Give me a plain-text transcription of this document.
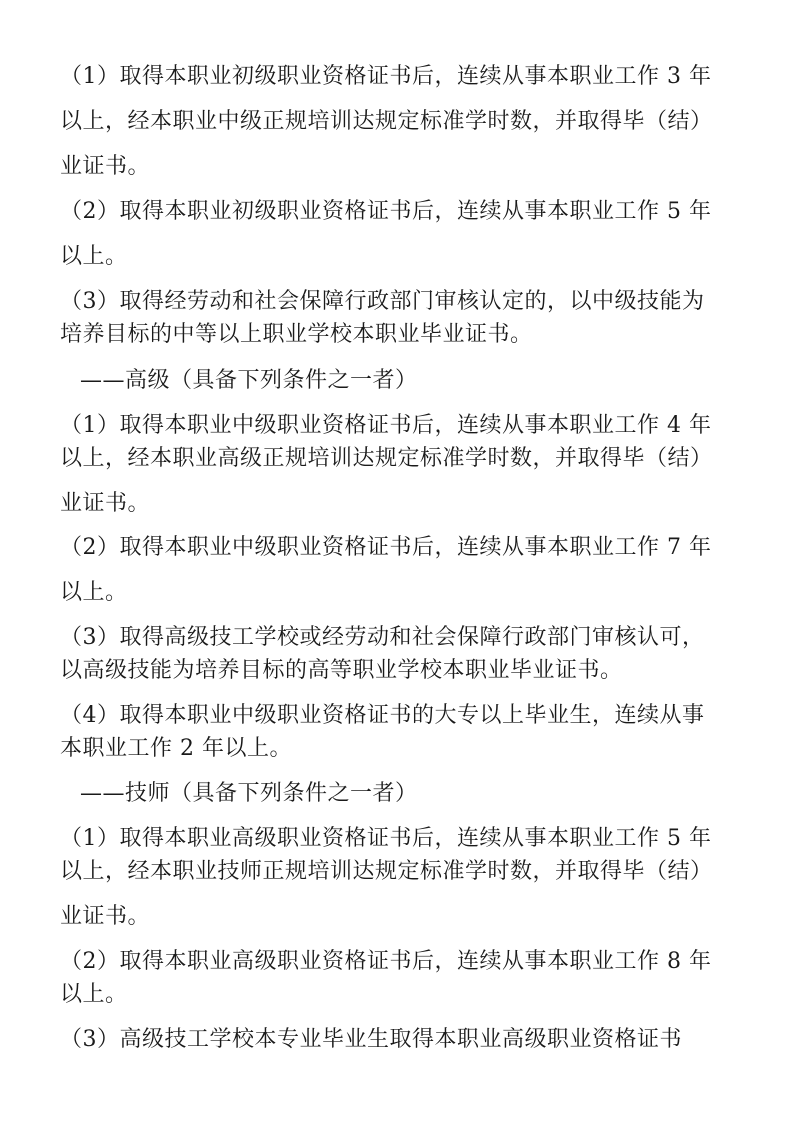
（1）取得本职业初级职业资格证书后，连续从事本职业工作 3 年
以上，经本职业中级正规培训达规定标准学时数，并取得毕（结）
业证书。
（2）取得本职业初级职业资格证书后，连续从事本职业工作 5 年
以上。
（3）取得经劳动和社会保障行政部门审核认定的，以中级技能为
培养目标的中等以上职业学校本职业毕业证书。
——高级（具备下列条件之一者）
（1）取得本职业中级职业资格证书后，连续从事本职业工作 4 年
以上，经本职业高级正规培训达规定标准学时数，并取得毕（结）
业证书。
（2）取得本职业中级职业资格证书后，连续从事本职业工作 7 年
以上。
（3）取得高级技工学校或经劳动和社会保障行政部门审核认可，
以高级技能为培养目标的高等职业学校本职业毕业证书。
（4）取得本职业中级职业资格证书的大专以上毕业生，连续从事
本职业工作 2 年以上。
——技师（具备下列条件之一者）
（1）取得本职业高级职业资格证书后，连续从事本职业工作 5 年
以上，经本职业技师正规培训达规定标准学时数，并取得毕（结）
业证书。
（2）取得本职业高级职业资格证书后，连续从事本职业工作 8 年
以上。
（3）高级技工学校本专业毕业生取得本职业高级职业资格证书
